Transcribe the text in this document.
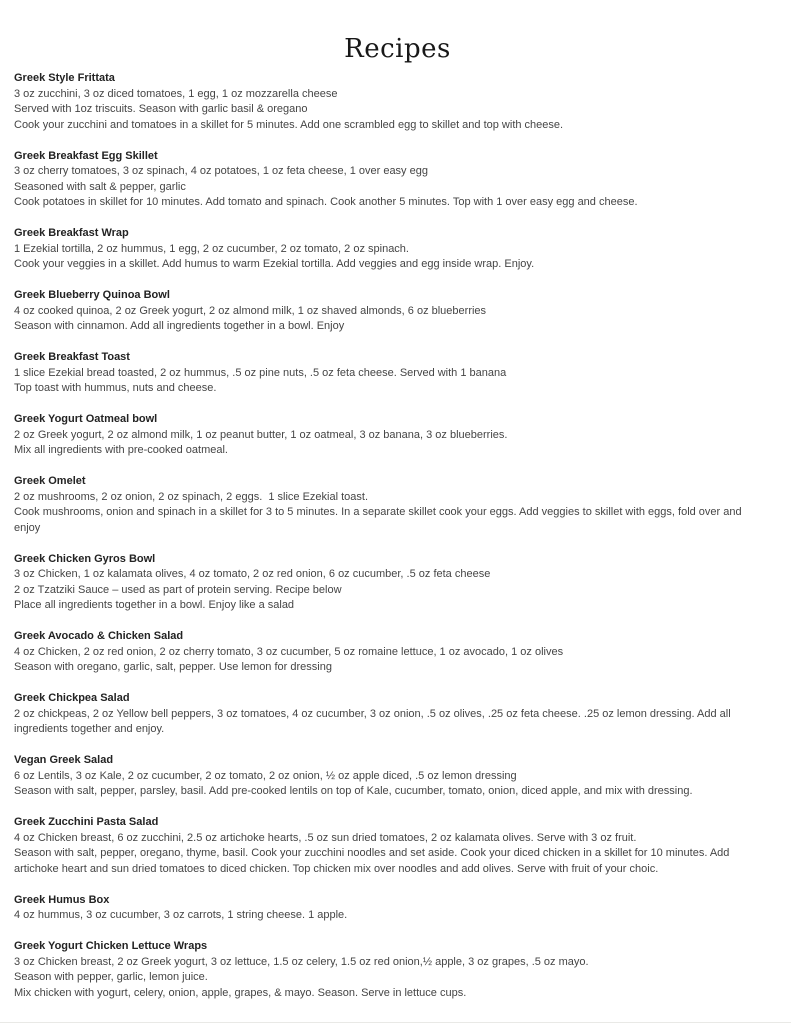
Recipes
Greek Style Frittata

3 oz zucchini, 3 oz diced tomatoes, 1 egg, 1 oz mozzarella cheese

Served with 1oz triscuits. Season with garlic basil & oregano

Cook your zucchini and tomatoes in a skillet for 5 minutes. Add one scrambled egg to skillet and top with cheese.

Greek Breakfast Egg Skillet

3 oz cherry tomatoes, 3 oz spinach, 4 oz potatoes, 1 oz feta cheese, 1 over easy egg

Seasoned with salt & pepper, garlic

Cook potatoes in skillet for 10 minutes. Add tomato and spinach. Cook another 5 minutes. Top with 1 over easy egg and cheese.

Greek Breakfast Wrap

1 Ezekial tortilla, 2 oz hummus, 1 egg, 2 oz cucumber, 2 oz tomato, 2 oz spinach.

Cook your veggies in a skillet. Add humus to warm Ezekial tortilla. Add veggies and egg inside wrap. Enjoy.

Greek Blueberry Quinoa Bowl

4 oz cooked quinoa, 2 oz Greek yogurt, 2 oz almond milk, 1 oz shaved almonds, 6 oz blueberries

Season with cinnamon. Add all ingredients together in a bowl. Enjoy

Greek Breakfast Toast

1 slice Ezekial bread toasted, 2 oz hummus, .5 oz pine nuts, .5 oz feta cheese. Served with 1 banana

Top toast with hummus, nuts and cheese.

Greek Yogurt Oatmeal bowl

2 oz Greek yogurt, 2 oz almond milk, 1 oz peanut butter, 1 oz oatmeal, 3 oz banana, 3 oz blueberries.

Mix all ingredients with pre-cooked oatmeal.

Greek Omelet

2 oz mushrooms, 2 oz onion, 2 oz spinach, 2 eggs.  1 slice Ezekial toast.

Cook mushrooms, onion and spinach in a skillet for 3 to 5 minutes. In a separate skillet cook your eggs. Add veggies to skillet with eggs, fold over and

enjoy

Greek Chicken Gyros Bowl

3 oz Chicken, 1 oz kalamata olives, 4 oz tomato, 2 oz red onion, 6 oz cucumber, .5 oz feta cheese

2 oz Tzatziki Sauce – used as part of protein serving. Recipe below

Place all ingredients together in a bowl. Enjoy like a salad

Greek Avocado & Chicken Salad

4 oz Chicken, 2 oz red onion, 2 oz cherry tomato, 3 oz cucumber, 5 oz romaine lettuce, 1 oz avocado, 1 oz olives

Season with oregano, garlic, salt, pepper. Use lemon for dressing

Greek Chickpea Salad

2 oz chickpeas, 2 oz Yellow bell peppers, 3 oz tomatoes, 4 oz cucumber, 3 oz onion, .5 oz olives, .25 oz feta cheese. .25 oz lemon dressing. Add all

ingredients together and enjoy.

Vegan Greek Salad

6 oz Lentils, 3 oz Kale, 2 oz cucumber, 2 oz tomato, 2 oz onion, ½ oz apple diced, .5 oz lemon dressing

Season with salt, pepper, parsley, basil. Add pre-cooked lentils on top of Kale, cucumber, tomato, onion, diced apple, and mix with dressing.

Greek Zucchini Pasta Salad

4 oz Chicken breast, 6 oz zucchini, 2.5 oz artichoke hearts, .5 oz sun dried tomatoes, 2 oz kalamata olives. Serve with 3 oz fruit.

Season with salt, pepper, oregano, thyme, basil. Cook your zucchini noodles and set aside. Cook your diced chicken in a skillet for 10 minutes. Add

artichoke heart and sun dried tomatoes to diced chicken. Top chicken mix over noodles and add olives. Serve with fruit of your choic.

Greek Humus Box

4 oz hummus, 3 oz cucumber, 3 oz carrots, 1 string cheese. 1 apple.

Greek Yogurt Chicken Lettuce Wraps

3 oz Chicken breast, 2 oz Greek yogurt, 3 oz lettuce, 1.5 oz celery, 1.5 oz red onion,½ apple, 3 oz grapes, .5 oz mayo.

Season with pepper, garlic, lemon juice.

Mix chicken with yogurt, celery, onion, apple, grapes, & mayo. Season. Serve in lettuce cups.
